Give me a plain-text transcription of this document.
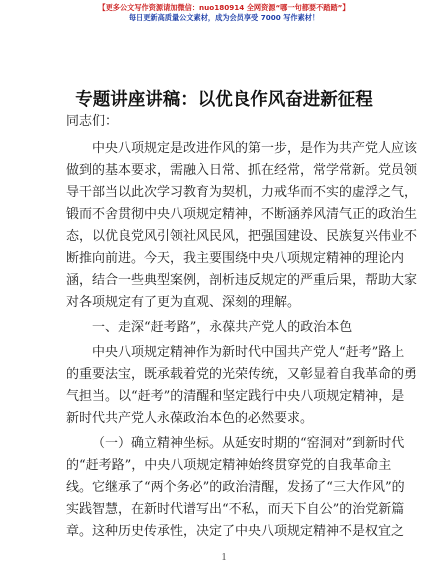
【更多公文写作资源请加微信：nuo180914 全网资源“哪一句都要不踏踏”】
每日更新高质量公文素材，成为会员享受 7000 写作素材！
专题讲座讲稿：以优良作风奋进新征程
同志们：
中央八项规定是改进作风的第一步，是作为共产党人应该
做到的基本要求，需融入日常、抓在经常，常学常新。党员领
导干部当以此次学习教育为契机，力戒华而不实的虚浮之气，
锻而不舍贯彻中央八项规定精神，不断涵养风清气正的政治生
态，以优良党风引领社风民风，把强国建设、民族复兴伟业不
断推向前进。今天，我主要围绕中央八项规定精神的理论内
涵，结合一些典型案例，剖析违反规定的严重后果，帮助大家
对各项规定有了更为直观、深刻的理解。
一、走深“赶考路”，永葆共产党人的政治本色
中央八项规定精神作为新时代中国共产党人“赶考”路上
的重要法宝，既承载着党的光荣传统，又彰显着自我革命的勇
气担当。以“赶考”的清醒和坚定践行中央八项规定精神，是
新时代共产党人永葆政治本色的必然要求。
（一）确立精神坐标。从延安时期的“窑洞对”到新时代
的“赶考路”，中央八项规定精神始终贯穿党的自我革命主
线。它继承了“两个务必”的政治清醒，发扬了“三大作风”的
实践智慧，在新时代谱写出“不私，而天下自公”的治党新篇
章。这种历史传承性，决定了中央八项规定精神不是权宜之
1
